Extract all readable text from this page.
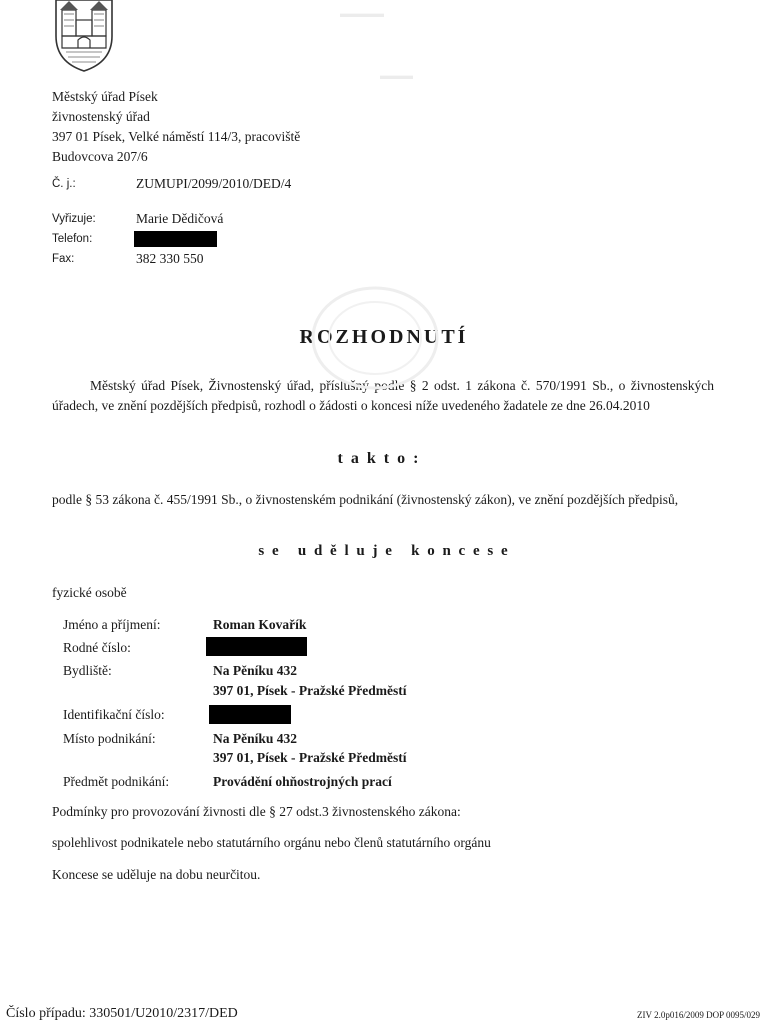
▬▬▬▬
▬▬▬
Městský úřad Písek
živnostenský úřad
397 01 Písek, Velké náměstí 114/3, pracoviště
Budovcova 207/6
Č. j.:	ZUMUPI/2099/2010/DED/4
Vyřizuje:	Marie Dědičová
Telefon:
Fax:	382 330 550
ROZHODNUTÍ
Městský úřad Písek, Živnostenský úřad, příslušný podle § 2 odst. 1 zákona č. 570/1991 Sb., o živnostenských úřadech, ve znění pozdějších předpisů, rozhodl o žádosti o koncesi níže uvedeného žadatele ze dne 26.04.2010
t a k t o :
podle § 53 zákona č. 455/1991 Sb., o živnostenském podnikání (živnostenský zákon), ve znění pozdějších předpisů,
s e   u d ě l u j e   k o n c e s e
fyzické osobě
Jméno a příjmení:	Roman Kovařík
Rodné číslo:
Bydliště:	Na Pěníku 432
397 01, Písek - Pražské Předměstí
Identifikační číslo:
Místo podnikání:	Na Pěníku 432
397 01, Písek - Pražské Předměstí
Předmět podnikání:	Provádění ohňostrojných prací
Podmínky pro provozování živnosti dle § 27 odst.3 živnostenského zákona:
spolehlivost podnikatele nebo statutárního orgánu nebo členů statutárního orgánu
Koncese se uděluje na dobu neurčitou.
Číslo případu: 330501/U2010/2317/DED	ZIV 2.0p016/2009 DOP 0095/029
